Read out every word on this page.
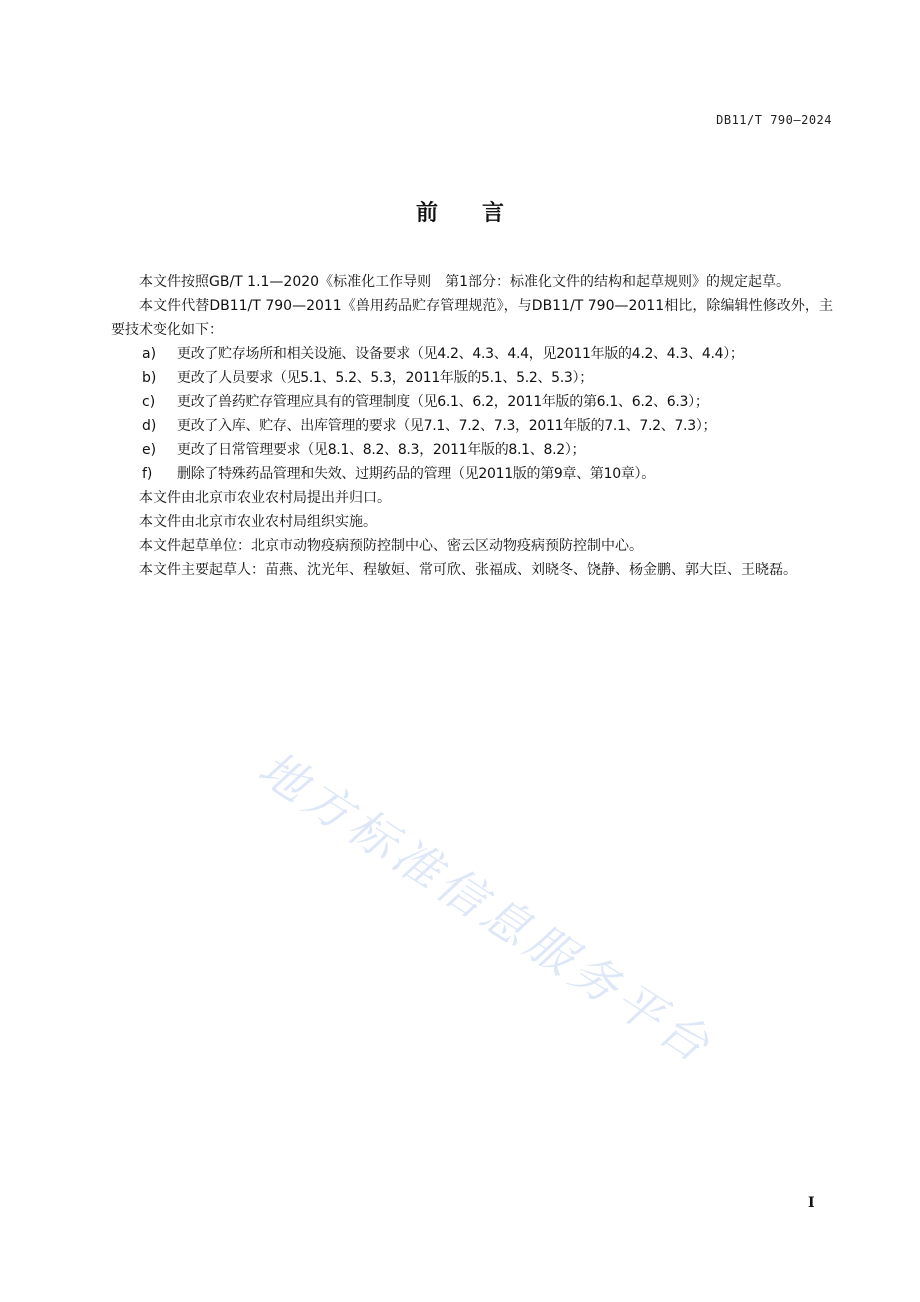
DB11/T 790—2024
前言

本文件按照GB/T 1.1—2020《标准化工作导则　第1部分：标准化文件的结构和起草规则》的规定起草。

本文件代替DB11/T 790—2011《兽用药品贮存管理规范》，与DB11/T 790—2011相比，除编辑性修改外，主要技术变化如下：

a)	更改了贮存场所和相关设施、设备要求（见4.2、4.3、4.4，见2011年版的4.2、4.3、4.4）；
b)	更改了人员要求（见5.1、5.2、5.3，2011年版的5.1、5.2、5.3）；
c)	更改了兽药贮存管理应具有的管理制度（见6.1、6.2，2011年版的第6.1、6.2、6.3）；
d)	更改了入库、贮存、出库管理的要求（见7.1、7.2、7.3，2011年版的7.1、7.2、7.3）；
e)	更改了日常管理要求（见8.1、8.2、8.3，2011年版的8.1、8.2）；
f)	删除了特殊药品管理和失效、过期药品的管理（见2011版的第9章、第10章）。

本文件由北京市农业农村局提出并归口。

本文件由北京市农业农村局组织实施。

本文件起草单位：北京市动物疫病预防控制中心、密云区动物疫病预防控制中心。

本文件主要起草人：苗燕、沈光年、程敏姮、常可欣、张福成、刘晓冬、饶静、杨金鹏、郭大臣、王晓磊。

地方标准信息服务平台
I
